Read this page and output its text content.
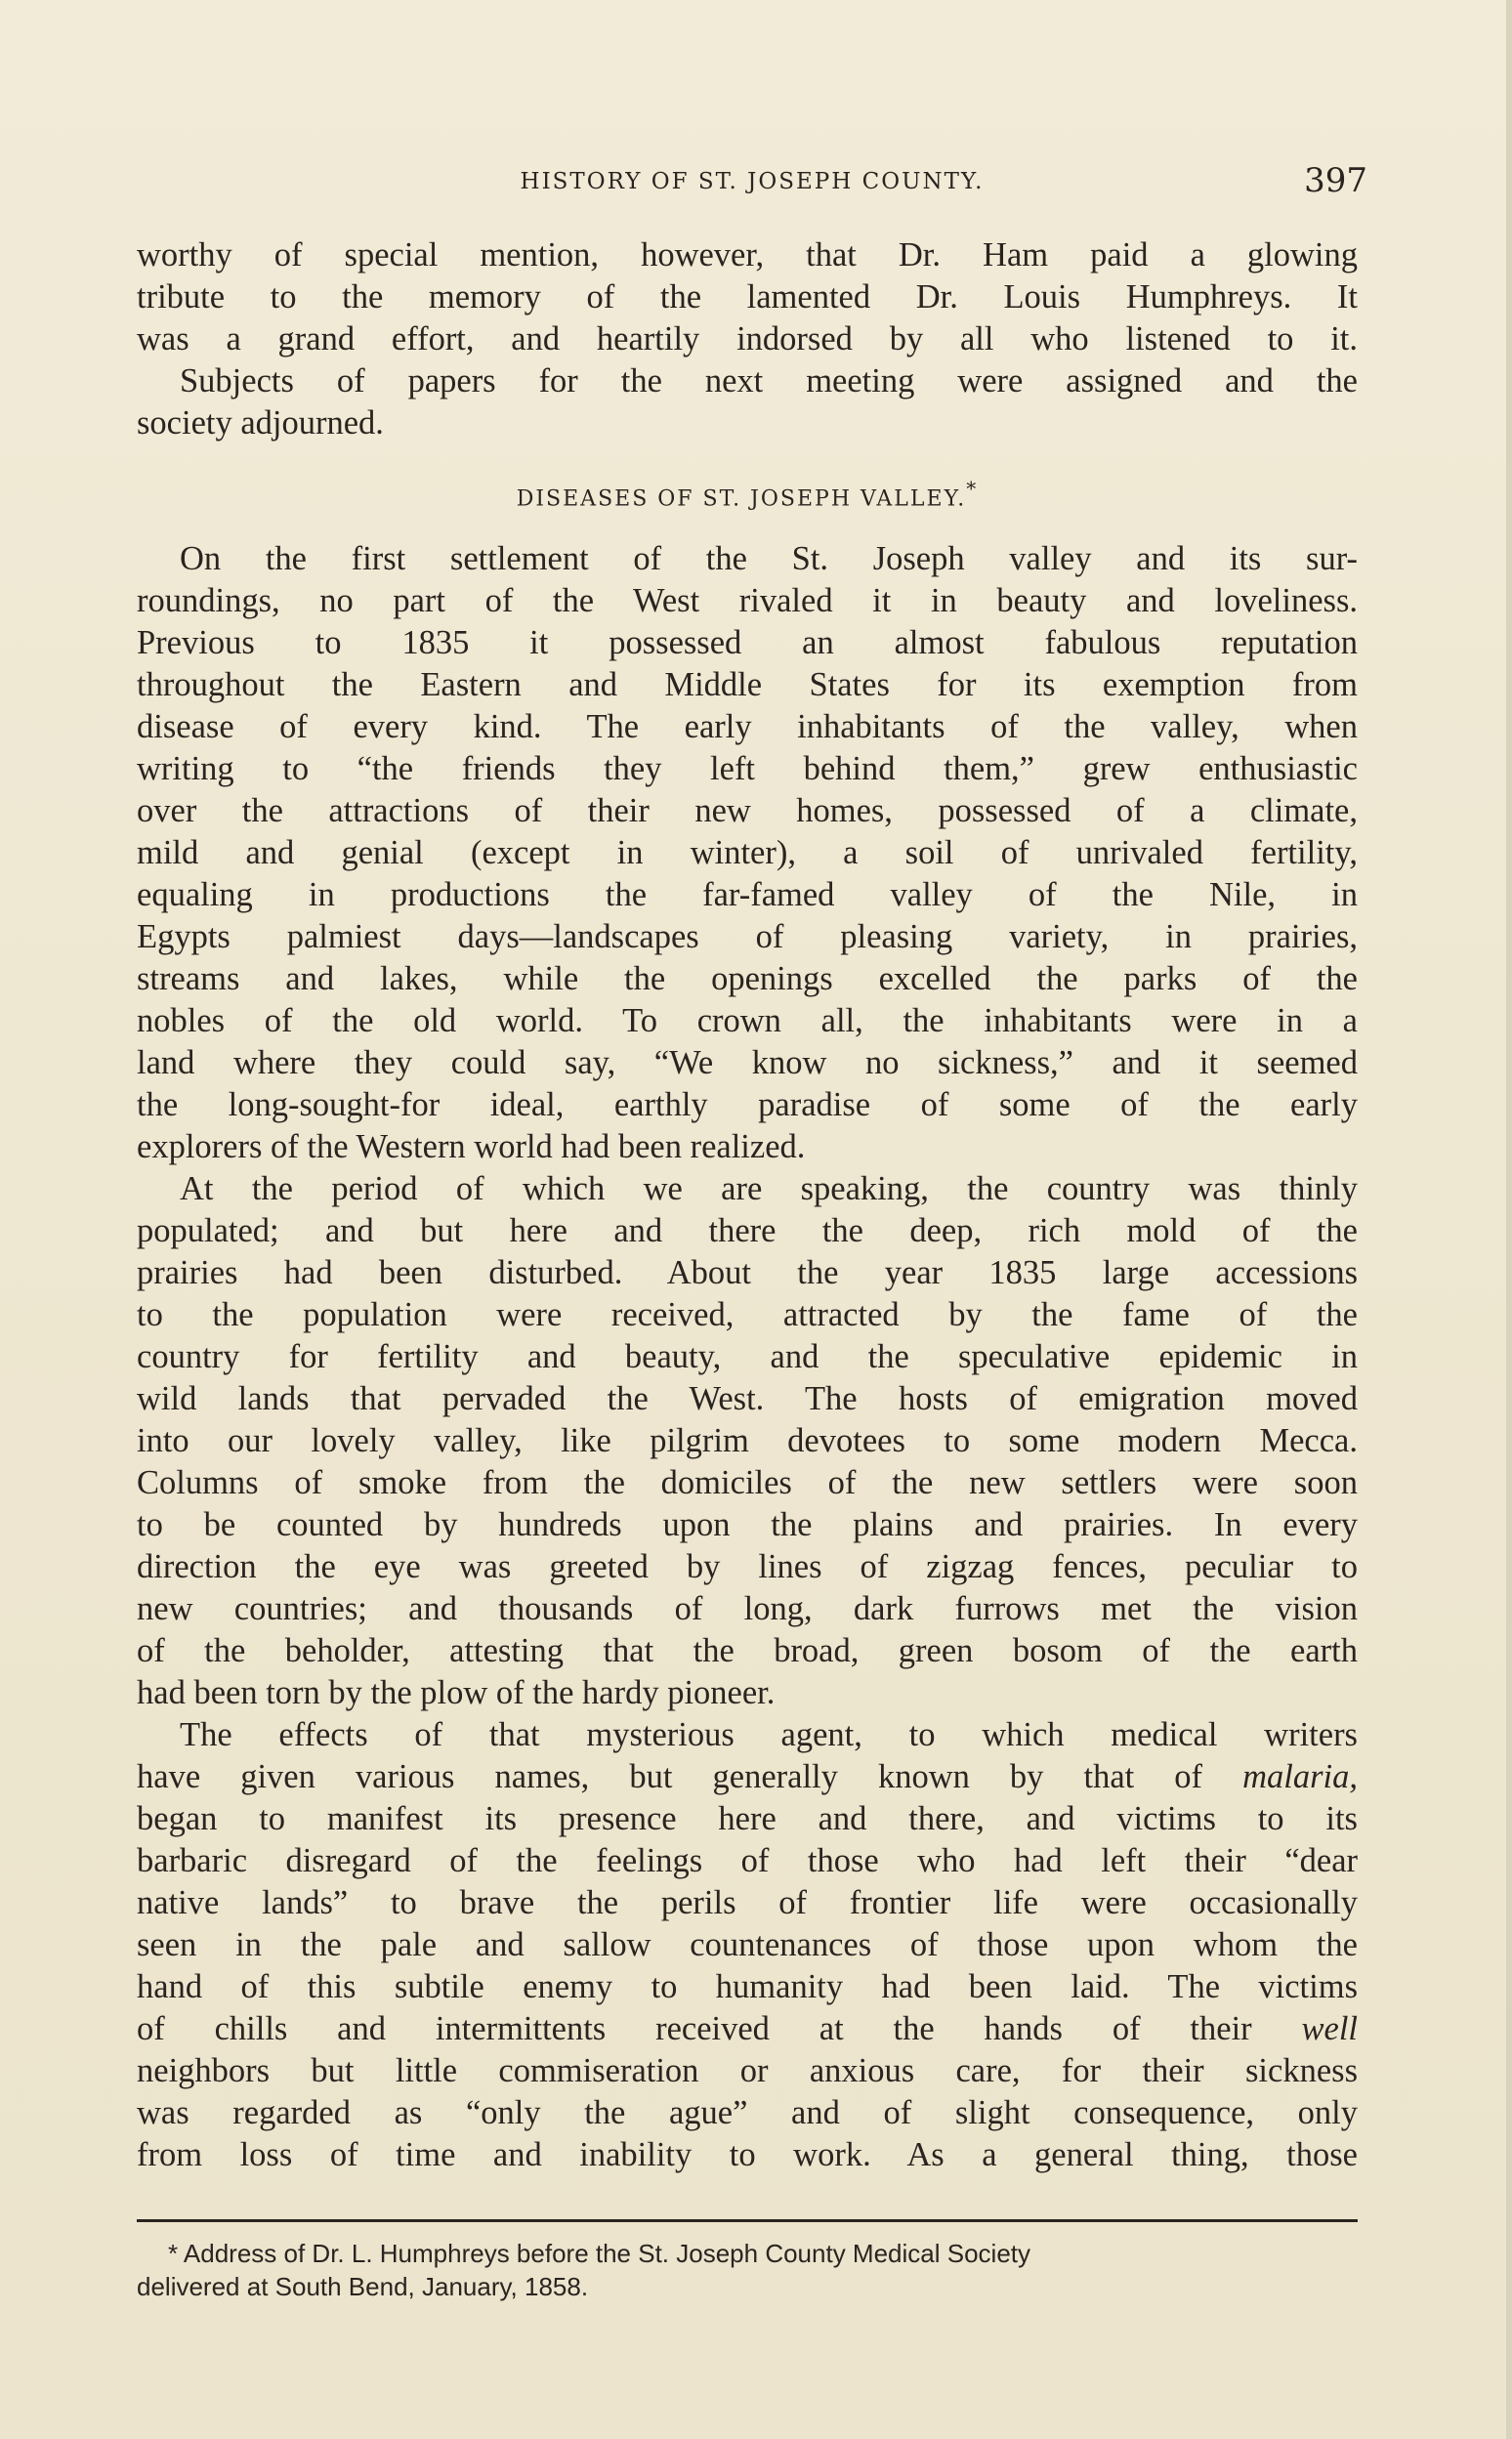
HISTORY OF ST. JOSEPH COUNTY.	397
worthy of special mention, however, that Dr. Ham paid a glowing
tribute to the memory of the lamented Dr. Louis Humphreys. It
was a grand effort, and heartily indorsed by all who listened to it.
Subjects of papers for the next meeting were assigned and the
society adjourned.
DISEASES OF ST. JOSEPH VALLEY.*
On the first settlement of the St. Joseph valley and its sur-
roundings, no part of the West rivaled it in beauty and loveliness.
Previous to 1835 it possessed an almost fabulous reputation
throughout the Eastern and Middle States for its exemption from
disease of every kind. The early inhabitants of the valley, when
writing to “the friends they left behind them,” grew enthusiastic
over the attractions of their new homes, possessed of a climate,
mild and genial (except in winter), a soil of unrivaled fertility,
equaling in productions the far-famed valley of the Nile, in
Egypts palmiest days—landscapes of pleasing variety, in prairies,
streams and lakes, while the openings excelled the parks of the
nobles of the old world. To crown all, the inhabitants were in a
land where they could say, “We know no sickness,” and it seemed
the long-sought-for ideal, earthly paradise of some of the early
explorers of the Western world had been realized.
At the period of which we are speaking, the country was thinly
populated; and but here and there the deep, rich mold of the
prairies had been disturbed. About the year 1835 large accessions
to the population were received, attracted by the fame of the
country for fertility and beauty, and the speculative epidemic in
wild lands that pervaded the West. The hosts of emigration moved
into our lovely valley, like pilgrim devotees to some modern Mecca.
Columns of smoke from the domiciles of the new settlers were soon
to be counted by hundreds upon the plains and prairies. In every
direction the eye was greeted by lines of zigzag fences, peculiar to
new countries; and thousands of long, dark furrows met the vision
of the beholder, attesting that the broad, green bosom of the earth
had been torn by the plow of the hardy pioneer.
The effects of that mysterious agent, to which medical writers
have given various names, but generally known by that of malaria,
began to manifest its presence here and there, and victims to its
barbaric disregard of the feelings of those who had left their “dear
native lands” to brave the perils of frontier life were occasionally
seen in the pale and sallow countenances of those upon whom the
hand of this subtile enemy to humanity had been laid. The victims
of chills and intermittents received at the hands of their well
neighbors but little commiseration or anxious care, for their sickness
was regarded as “only the ague” and of slight consequence, only
from loss of time and inability to work. As a general thing, those
* Address of Dr. L. Humphreys before the St. Joseph County Medical Society
delivered at South Bend, January, 1858.
